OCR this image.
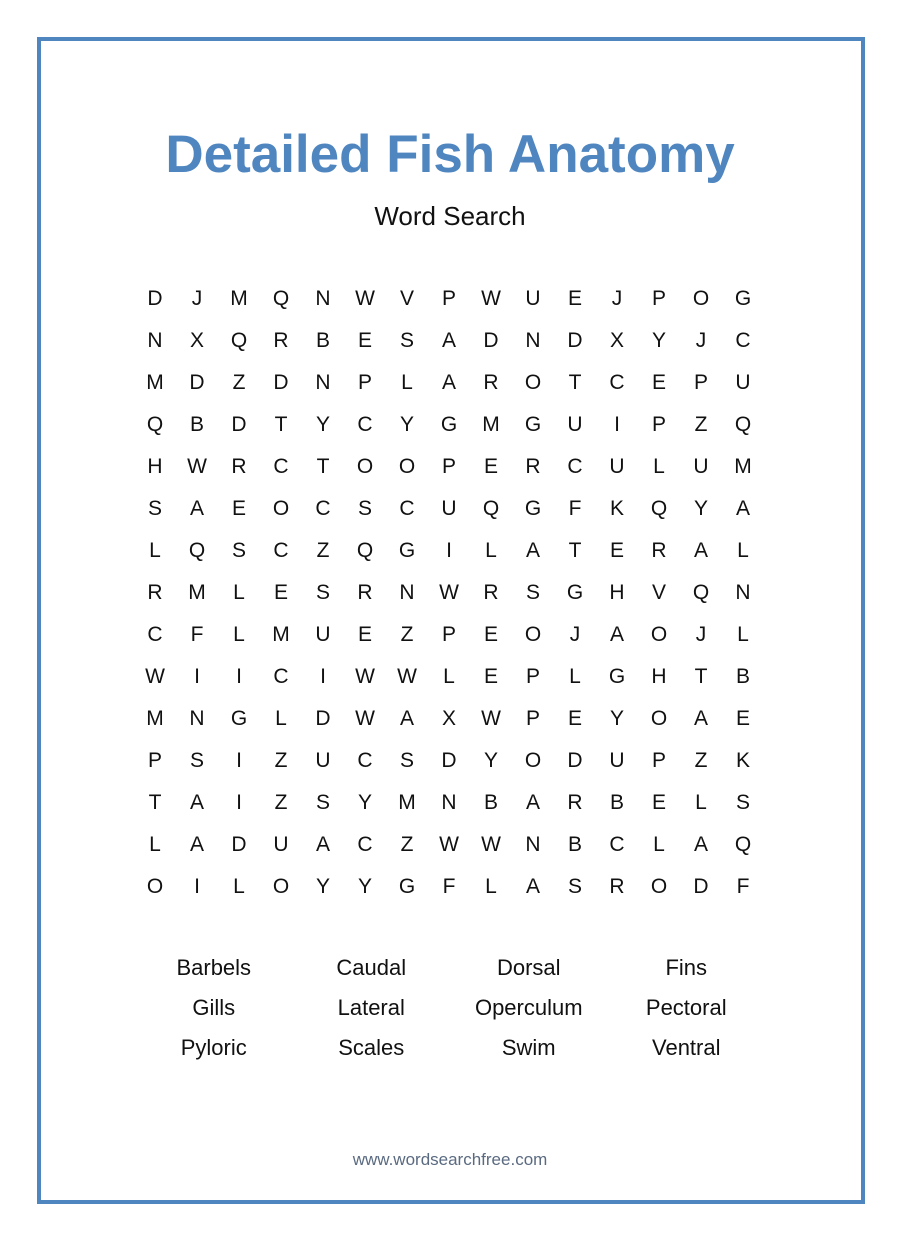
Detailed Fish Anatomy
Word Search
D	J	M	Q	N	W	V	P	W	U	E	J	P	O	G
N	X	Q	R	B	E	S	A	D	N	D	X	Y	J	C
M	D	Z	D	N	P	L	A	R	O	T	C	E	P	U
Q	B	D	T	Y	C	Y	G	M	G	U	I	P	Z	Q
H	W	R	C	T	O	O	P	E	R	C	U	L	U	M
S	A	E	O	C	S	C	U	Q	G	F	K	Q	Y	A
L	Q	S	C	Z	Q	G	I	L	A	T	E	R	A	L
R	M	L	E	S	R	N	W	R	S	G	H	V	Q	N
C	F	L	M	U	E	Z	P	E	O	J	A	O	J	L
W	I	I	C	I	W	W	L	E	P	L	G	H	T	B
M	N	G	L	D	W	A	X	W	P	E	Y	O	A	E
P	S	I	Z	U	C	S	D	Y	O	D	U	P	Z	K
T	A	I	Z	S	Y	M	N	B	A	R	B	E	L	S
L	A	D	U	A	C	Z	W	W	N	B	C	L	A	Q
O	I	L	O	Y	Y	G	F	L	A	S	R	O	D	F
Barbels	Caudal	Dorsal	Fins
Gills	Lateral	Operculum	Pectoral
Pyloric	Scales	Swim	Ventral
www.wordsearchfree.com
